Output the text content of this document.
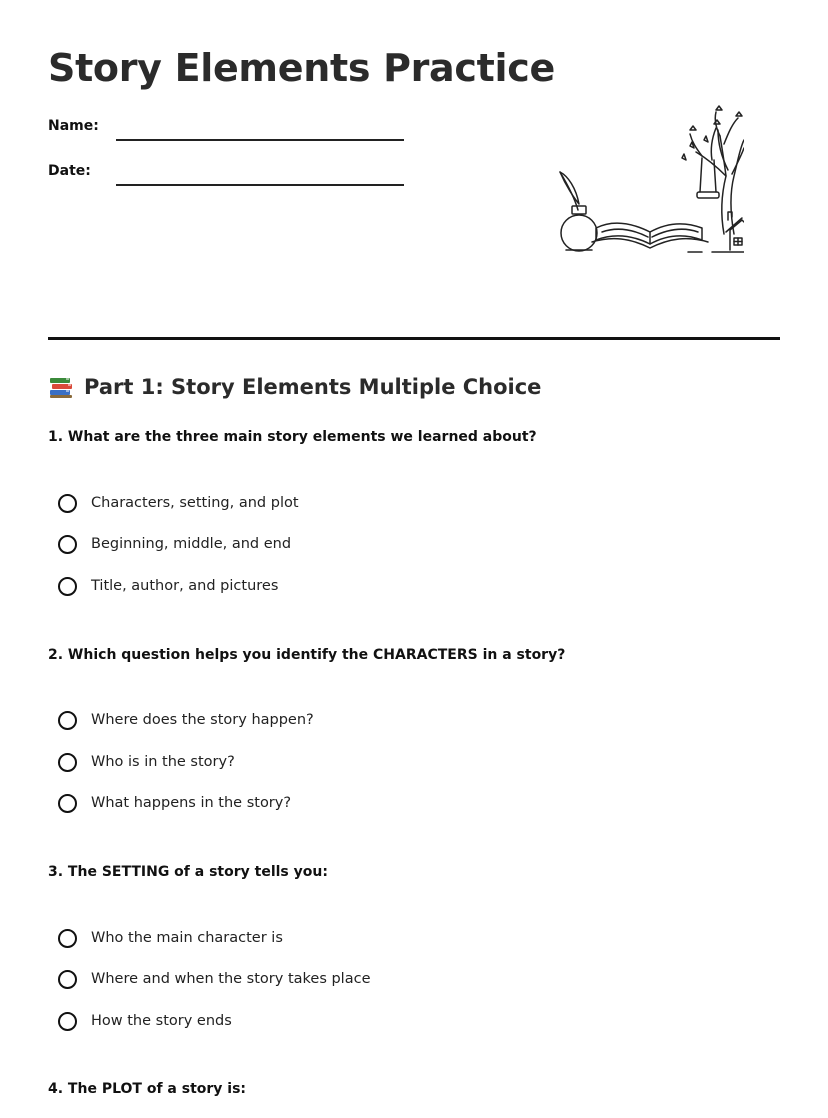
Story Elements Practice
Name:
Date:
Part 1: Story Elements Multiple Choice
1. What are the three main story elements we learned about?
Characters, setting, and plot
Beginning, middle, and end
Title, author, and pictures
2. Which question helps you identify the CHARACTERS in a story?
Where does the story happen?
Who is in the story?
What happens in the story?
3. The SETTING of a story tells you:
Who the main character is
Where and when the story takes place
How the story ends
4. The PLOT of a story is:
